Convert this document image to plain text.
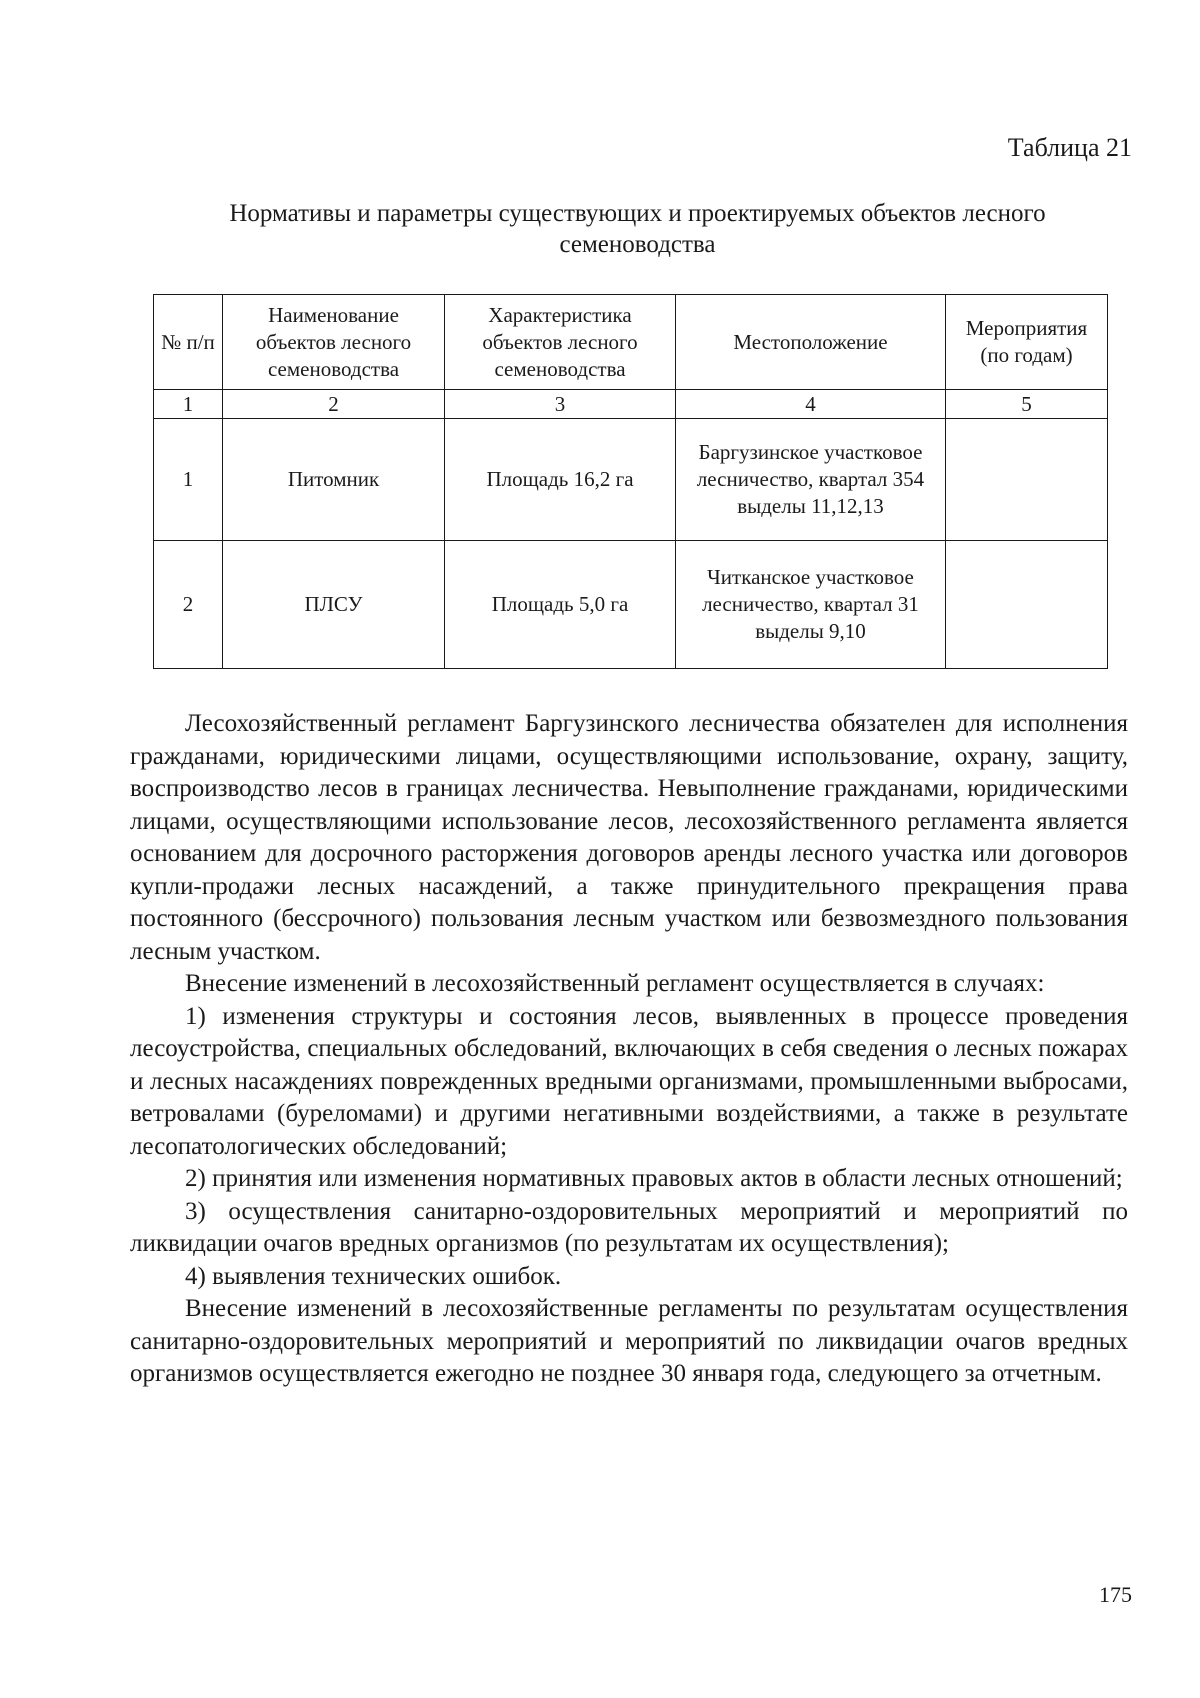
Таблица 21
Нормативы и параметры существующих и проектируемых объектов лесного семеноводства
№ п/п	Наименование объектов лесного семеноводства	Характеристика объектов лесного семеноводства	Местоположение	Мероприятия (по годам)
1	2	3	4	5
1	Питомник	Площадь 16,2 га	Баргузинское участковое лесничество, квартал 354 выделы 11,12,13	
2	ПЛСУ	Площадь 5,0 га	Читканское участковое лесничество, квартал 31 выделы 9,10	

Лесохозяйственный регламент Баргузинского лесничества обязателен для исполнения гражданами, юридическими лицами, осуществляющими использование, охрану, защиту, воспроизводство лесов в границах лесничества. Невыполнение гражданами, юридическими лицами, осуществляющими использование лесов, лесохозяйственного регламента является основанием для досрочного расторжения договоров аренды лесного участка или договоров купли-продажи лесных насаждений, а также принудительного прекращения права постоянного (бессрочного) пользования лесным участком или безвозмездного пользования лесным участком.

Внесение изменений в лесохозяйственный регламент осуществляется в случаях:

1) изменения структуры и состояния лесов, выявленных в процессе проведения лесоустройства, специальных обследований, включающих в себя сведения о лесных пожарах и лесных насаждениях поврежденных вредными организмами, промышленными выбросами, ветровалами (буреломами) и другими негативными воздействиями, а также в результате лесопатологических обследований;

2) принятия или изменения нормативных правовых актов в области лесных отношений;

3) осуществления санитарно-оздоровительных мероприятий и мероприятий по ликвидации очагов вредных организмов (по результатам их осуществления);

4) выявления технических ошибок.

Внесение изменений в лесохозяйственные регламенты по результатам осуществления санитарно-оздоровительных мероприятий и мероприятий по ликвидации очагов вредных организмов осуществляется ежегодно не позднее 30 января года, следующего за отчетным.

175
